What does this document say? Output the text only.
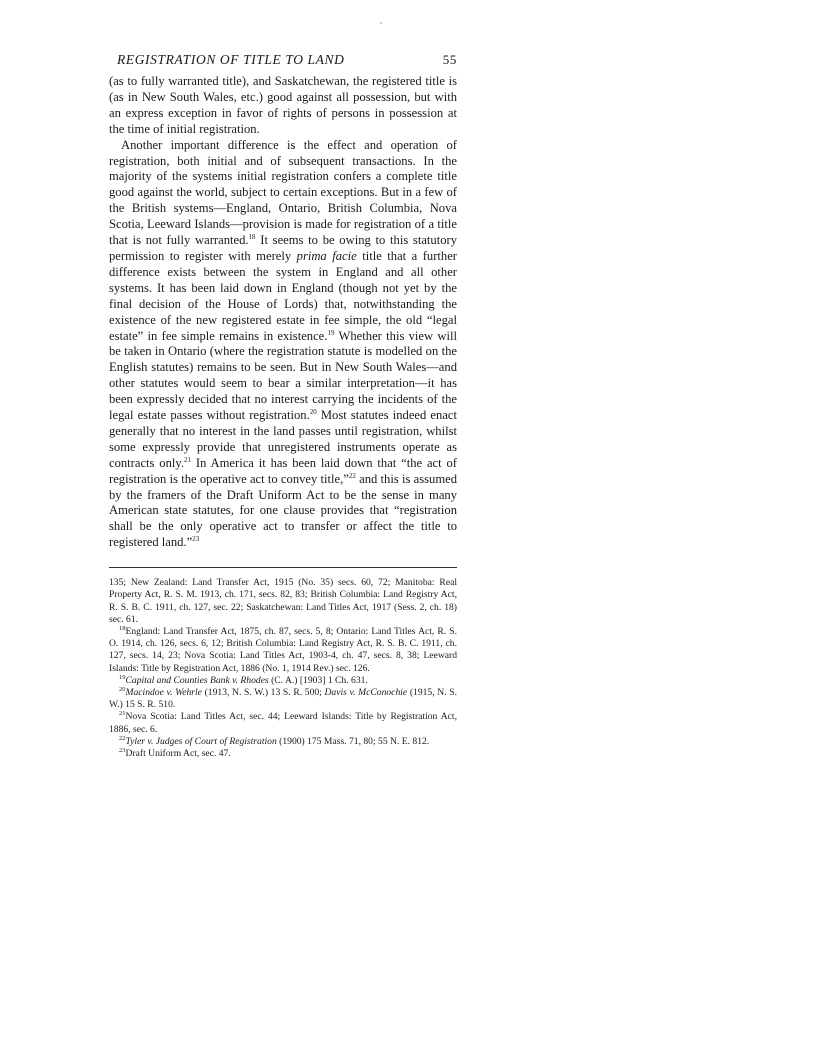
REGISTRATION OF TITLE TO LAND	55

(as to fully warranted title), and Saskatchewan, the registered title is (as in New South Wales, etc.) good against all possession, but with an express exception in favor of rights of persons in possession at the time of initial registration.

Another important difference is the effect and operation of registration, both initial and of subsequent transactions. In the majority of the systems initial registration confers a complete title good against the world, subject to certain exceptions. But in a few of the British systems—England, Ontario, British Columbia, Nova Scotia, Leeward Islands—provision is made for registration of a title that is not fully warranted.$^{18}$ It seems to be owing to this statutory permission to register with merely prima facie title that a further difference exists between the system in England and all other systems. It has been laid down in England (though not yet by the final decision of the House of Lords) that, notwithstanding the existence of the new registered estate in fee simple, the old “legal estate” in fee simple remains in existence.$^{19}$ Whether this view will be taken in Ontario (where the registration statute is modelled on the English statutes) remains to be seen. But in New South Wales—and other statutes would seem to bear a similar interpretation—it has been expressly decided that no interest carrying the incidents of the legal estate passes without registration.$^{20}$ Most statutes indeed enact generally that no interest in the land passes until registration, whilst some expressly provide that unregistered instruments operate as contracts only.$^{21}$ In America it has been laid down that “the act of registration is the operative act to convey title,”$^{22}$ and this is assumed by the framers of the Draft Uniform Act to be the sense in many American state statutes, for one clause provides that “registration shall be the only operative act to transfer or affect the title to registered land.”$^{23}$

135; New Zealand: Land Transfer Act, 1915 (No. 35) secs. 60, 72; Manitoba: Real Property Act, R. S. M. 1913, ch. 171, secs. 82, 83; British Columbia: Land Registry Act, R. S. B. C. 1911, ch. 127, sec. 22; Saskatchewan: Land Titles Act, 1917 (Sess. 2, ch. 18) sec. 61.

$^{18}$England: Land Transfer Act, 1875, ch. 87, secs. 5, 8; Ontario: Land Titles Act, R. S. O. 1914, ch. 126, secs. 6, 12; British Columbia: Land Registry Act, R. S. B. C. 1911, ch. 127, secs. 14, 23; Nova Scotia: Land Titles Act, 1903-4, ch. 47, secs. 8, 38; Leeward Islands: Title by Registration Act, 1886 (No. 1, 1914 Rev.) sec. 126.

$^{19}$Capital and Counties Bank v. Rhodes (C. A.) [1903] 1 Ch. 631.

$^{20}$Macindoe v. Wehrle (1913, N. S. W.) 13 S. R. 500; Davis v. McConochie (1915, N. S. W.) 15 S. R. 510.

$^{21}$Nova Scotia: Land Titles Act, sec. 44; Leeward Islands: Title by Registration Act, 1886, sec. 6.

$^{22}$Tyler v. Judges of Court of Registration (1900) 175 Mass. 71, 80; 55 N. E. 812.

$^{23}$Draft Uniform Act, sec. 47.
